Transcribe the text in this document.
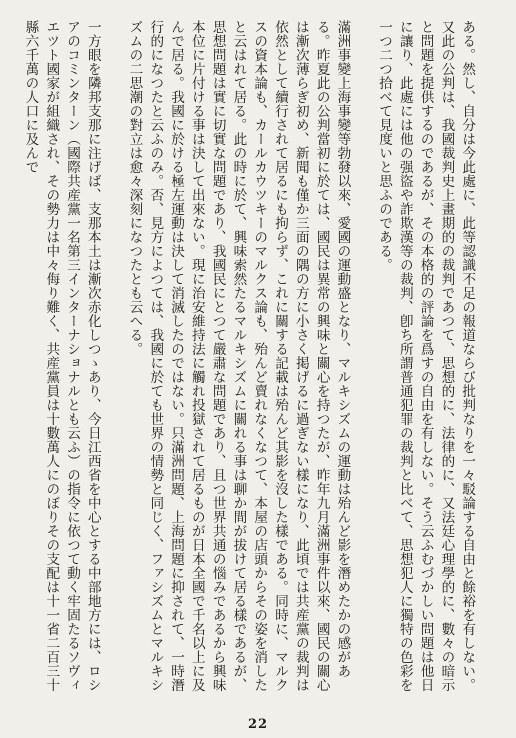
ある。然し、自分は今此處に、此等認識不足の報道ならび批判なりを一々駁論する自由と餘裕を有しない。
又此の公判は、我國裁判史上畫期的の裁判であつて、思想的に、法律的に、又法廷心理學的に、數々の暗示と問題を提供するのであるが、その本格的の評論を爲すの自由を有しない。そう云ふむづかしい問題は他日に讓り、此處には他の强盜や詐欺漢等の裁判、卽ち所謂普通犯罪の裁判と比べて、思想犯人に獨特の色彩を一つ二つ拾べて見度いと思ふのである。

滿洲事變上海事變等勃發以來、愛國の運動盛となり、マルキシズムの運動は殆んど影を潛めたかの感がある。昨夏此の公判當初に於ては、國民は異常の興味と關心を持つたが、昨年九月滿洲事件以來、國民の關心は漸次薄らぎ初め、新聞も僅か三面の隅の方に小さく掲げるに過ぎない樣になり、此頃では共産黨の裁判は依然として續行されて居るにも拘らず、これに關する記載は殆んど其影を沒した樣である。同時に、マルクスの資本論も、カールカウツキーのマルクス論も、殆んど賣れなくなつて、本屋の店頭からその姿を消したと云はれて居る。此の時に於て、興味索然たるマルキシズムに關れる事は聊か間が拔けて居る樣であるが、思想問題は實に切實な問題であり、我國民にとつて嚴肅な問題であり、且つ世界共通の惱みであるから興味本位に片付ける事は決して出來ない。現に治安維持法に觸れ投獄されて居るものが日本全國で千名以上に及んで居る。我國に於ける極左運動は決して消滅したのではない。只滿洲問題、上海問題に抑されて、一時潛行的になつたと云ふのみ。否、見方によつては、我國に於ても世界の情勢と同じく、ファシズムとマルキシズムの二思潮の對立は愈々深刻になつたとも云へる。

一方眼を隣邦支那に注げば、支那本土は漸次赤化しつゝあり、今日江西省を中心とする中部地方には、ロシアのコミンターン（國際共産黨一名第三インターナショナルとも云ふ）の指令に依つて動く牢固たるソヴィエツト國家が組織され、その勢力は中々侮り難く、共産黨員は十數萬人にのぼりその支配は十一省二百三十縣六千萬の人口に及んで

22
